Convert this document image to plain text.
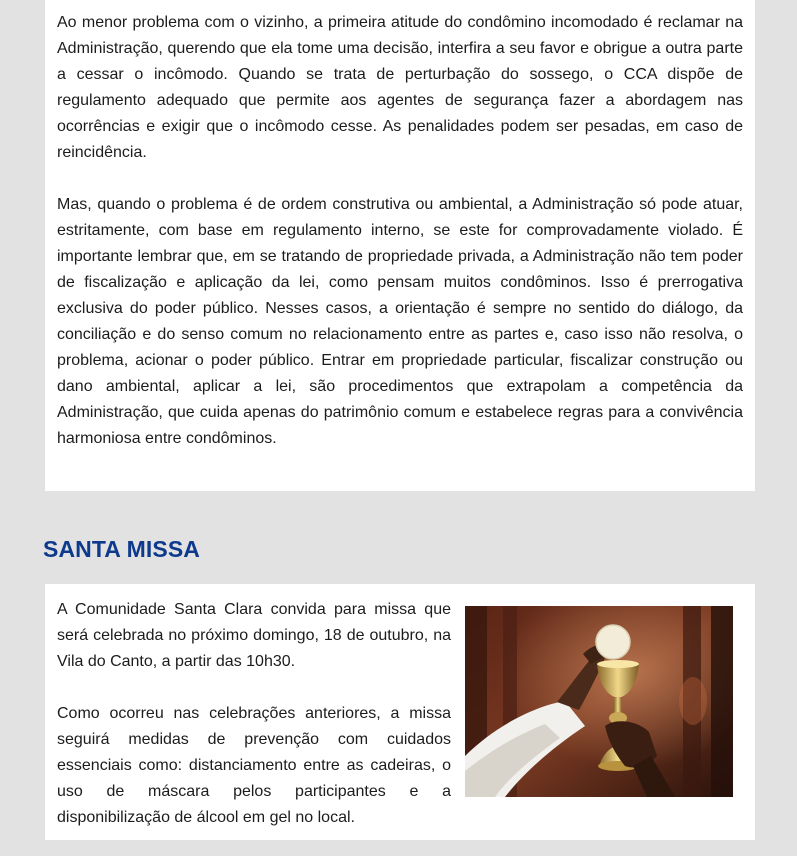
Ao menor problema com o vizinho, a primeira atitude do condômino incomodado é reclamar na Administração, querendo que ela tome uma decisão, interfira a seu favor e obrigue a outra parte a cessar o incômodo. Quando se trata de perturbação do sossego, o CCA dispõe de regulamento adequado que permite aos agentes de segurança fazer a abordagem nas ocorrências e exigir que o incômodo cesse. As penalidades podem ser pesadas, em caso de reincidência.

Mas, quando o problema é de ordem construtiva ou ambiental, a Administração só pode atuar, estritamente, com base em regulamento interno, se este for comprovadamente violado. É importante lembrar que, em se tratando de propriedade privada, a Administração não tem poder de fiscalização e aplicação da lei, como pensam muitos condôminos. Isso é prerrogativa exclusiva do poder público. Nesses casos, a orientação é sempre no sentido do diálogo, da conciliação e do senso comum no relacionamento entre as partes e, caso isso não resolva, o problema, acionar o poder público. Entrar em propriedade particular, fiscalizar construção ou dano ambiental, aplicar a lei, são procedimentos que extrapolam a competência da Administração, que cuida apenas do patrimônio comum e estabelece regras para a convivência harmoniosa entre condôminos.

SANTA MISSA

A Comunidade Santa Clara convida para missa que será celebrada no próximo domingo, 18 de outubro, na Vila do Canto, a partir das 10h30.

Como ocorreu nas celebrações anteriores, a missa seguirá medidas de prevenção com cuidados essenciais como: distanciamento entre as cadeiras, o uso de máscara pelos participantes e a disponibilização de álcool em gel no local.
